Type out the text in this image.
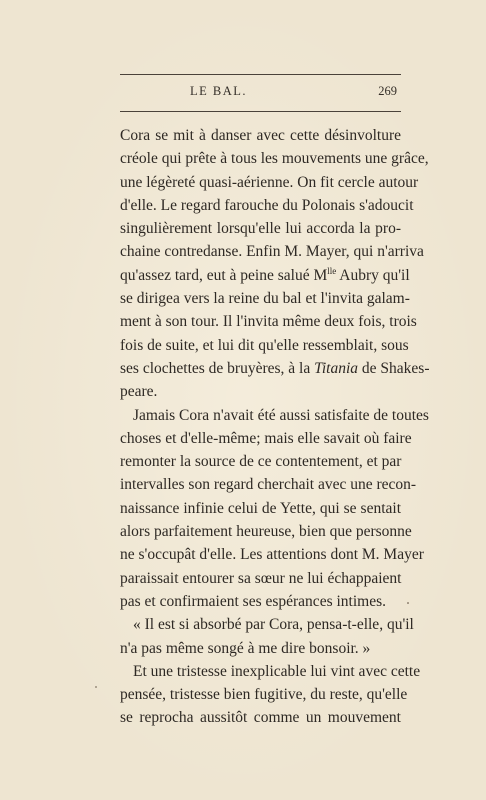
LE BAL.	269
Cora se mit à danser avec cette désinvolture
créole qui prête à tous les mouvements une grâce,
une légèreté quasi-aérienne. On fit cercle autour
d'elle. Le regard farouche du Polonais s'adoucit
singulièrement lorsqu'elle lui accorda la pro-
chaine contredanse. Enfin M. Mayer, qui n'arriva
qu'assez tard, eut à peine salué $M^{lle}$ Aubry qu'il
se dirigea vers la reine du bal et l'invita galam-
ment à son tour. Il l'invita même deux fois, trois
fois de suite, et lui dit qu'elle ressemblait, sous
ses clochettes de bruyères, à la Titania de Shakes-
peare.
Jamais Cora n'avait été aussi satisfaite de toutes
choses et d'elle-même; mais elle savait où faire
remonter la source de ce contentement, et par
intervalles son regard cherchait avec une recon-
naissance infinie celui de Yette, qui se sentait
alors parfaitement heureuse, bien que personne
ne s'occupât d'elle. Les attentions dont M. Mayer
paraissait entourer sa sœur ne lui échappaient
pas et confirmaient ses espérances intimes.
« Il est si absorbé par Cora, pensa-t-elle, qu'il
n'a pas même songé à me dire bonsoir. »
Et une tristesse inexplicable lui vint avec cette
pensée, tristesse bien fugitive, du reste, qu'elle
se reprocha aussitôt comme un mouvement
